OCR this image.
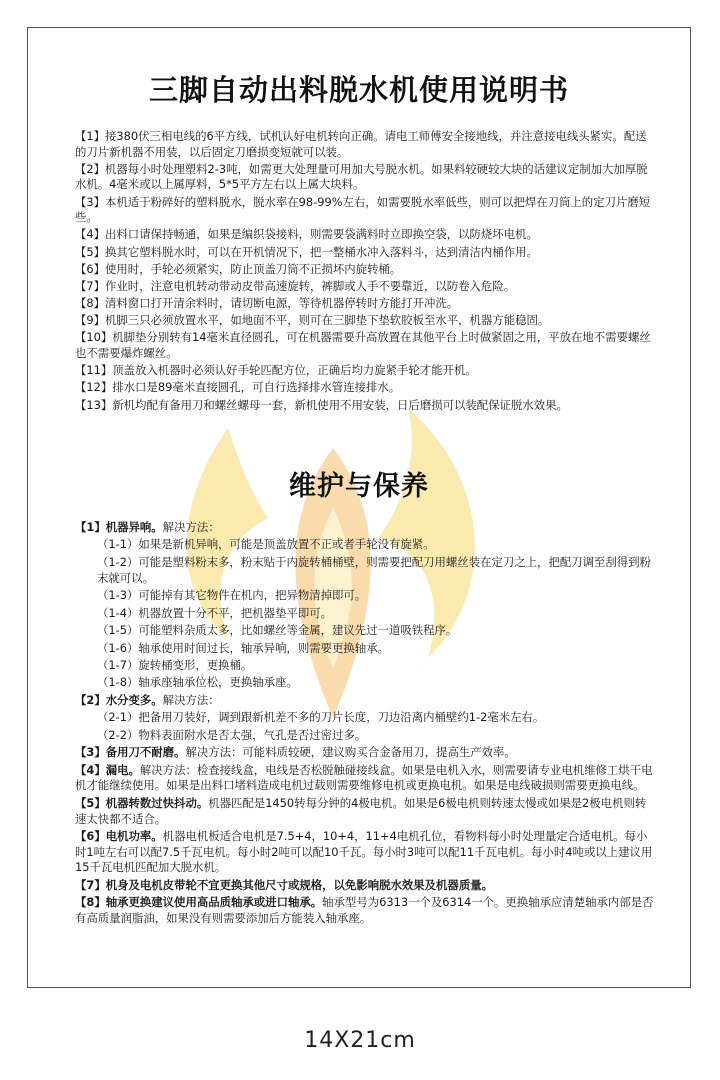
三脚自动出料脱水机使用说明书

【1】接380伏三相电线的6平方线，试机认好电机转向正确。请电工师傅安全接地线，并注意接电线头紧实。配送的刀片新机器不用装，以后固定刀磨损变短就可以装。

【2】机器每小时处理塑料2-3吨，如需更大处理量可用加大号脱水机。如果料较硬较大块的话建议定制加大加厚脱水机。4毫米或以上属厚料，5*5平方左右以上属大块料。

【3】本机适于粉碎好的塑料脱水，脱水率在98-99%左右，如需要脱水率低些，则可以把焊在刀筒上的定刀片磨短些。

【4】出料口请保持畅通，如果是编织袋接料，则需要袋满料时立即换空袋，以防烧坏电机。

【5】换其它塑料脱水时，可以在开机情况下，把一整桶水冲入落料斗，达到清洁内桶作用。

【6】使用时，手轮必须紧实，防止顶盖刀筒不正损坏内旋转桶。

【7】作业时，注意电机转动带动皮带高速旋转，裤脚或人手不要靠近，以防卷入危险。

【8】清料窗口打开清余料时，请切断电源，等待机器停转时方能打开冲洗。

【9】机脚三只必须放置水平，如地面不平，则可在三脚垫下垫软胶板至水平，机器方能稳固。

【10】机脚垫分别转有14毫米直径圆孔，可在机器需要升高放置在其他平台上时做紧固之用，平放在地不需要螺丝也不需要爆炸螺丝。

【11】顶盖放入机器时必须认好手轮匹配方位，正确后均力旋紧手轮才能开机。

【12】排水口是89毫米直接圆孔，可自行选择排水管连接排水。

【13】新机均配有备用刀和螺丝螺母一套，新机使用不用安装，日后磨损可以装配保证脱水效果。

维护与保养

【1】机器异响。解决方法：

（1-1）如果是新机异响，可能是顶盖放置不正或者手轮没有旋紧。

（1-2）可能是塑料粉末多，粉末贴于内旋转桶桶壁，则需要把配刀用螺丝装在定刀之上，把配刀调至刮得到粉末就可以。

（1-3）可能掉有其它物件在机内，把异物清掉即可。

（1-4）机器放置十分不平，把机器垫平即可。

（1-5）可能塑料杂质太多，比如螺丝等金属，建议先过一道吸铁程序。

（1-6）轴承使用时间过长，轴承异响，则需要更换轴承。

（1-7）旋转桶变形，更换桶。

（1-8）轴承座轴承位松，更换轴承座。

【2】水分变多。解决方法：

（2-1）把备用刀装好，调到跟新机差不多的刀片长度，刀边沿离内桶壁约1-2毫米左右。

（2-2）物料表面附水是否太强，气孔是否过密过多。

【3】备用刀不耐磨。解决方法：可能料质较硬，建议购买合金备用刀，提高生产效率。

【4】漏电。解决方法：检查接线盒，电线是否松脱触碰接线盒。如果是电机入水，则需要请专业电机维修工烘干电机才能继续使用。如果是出料口堵料造成电机过载则需要维修电机或更换电机。如果是电线破损则需要更换电线。

【5】机器转数过快抖动。机器匹配是1450转每分钟的4极电机。如果是6极电机则转速太慢或如果是2极电机则转速太快都不适合。

【6】电机功率。机器电机板适合电机是7.5+4，10+4，11+4电机孔位，看物料每小时处理量定合适电机。每小时1吨左右可以配7.5千瓦电机。每小时2吨可以配10千瓦。每小时3吨可以配11千瓦电机。每小时4吨或以上建议用15千瓦电机匹配加大脱水机。

【7】机身及电机皮带轮不宜更换其他尺寸或规格，以免影响脱水效果及机器质量。

【8】轴承更换建议使用高品质轴承或进口轴承。轴承型号为6313一个及6314一个。更换轴承应清楚轴承内部是否有高质量润脂油，如果没有则需要添加后方能装入轴承座。

14X21cm
